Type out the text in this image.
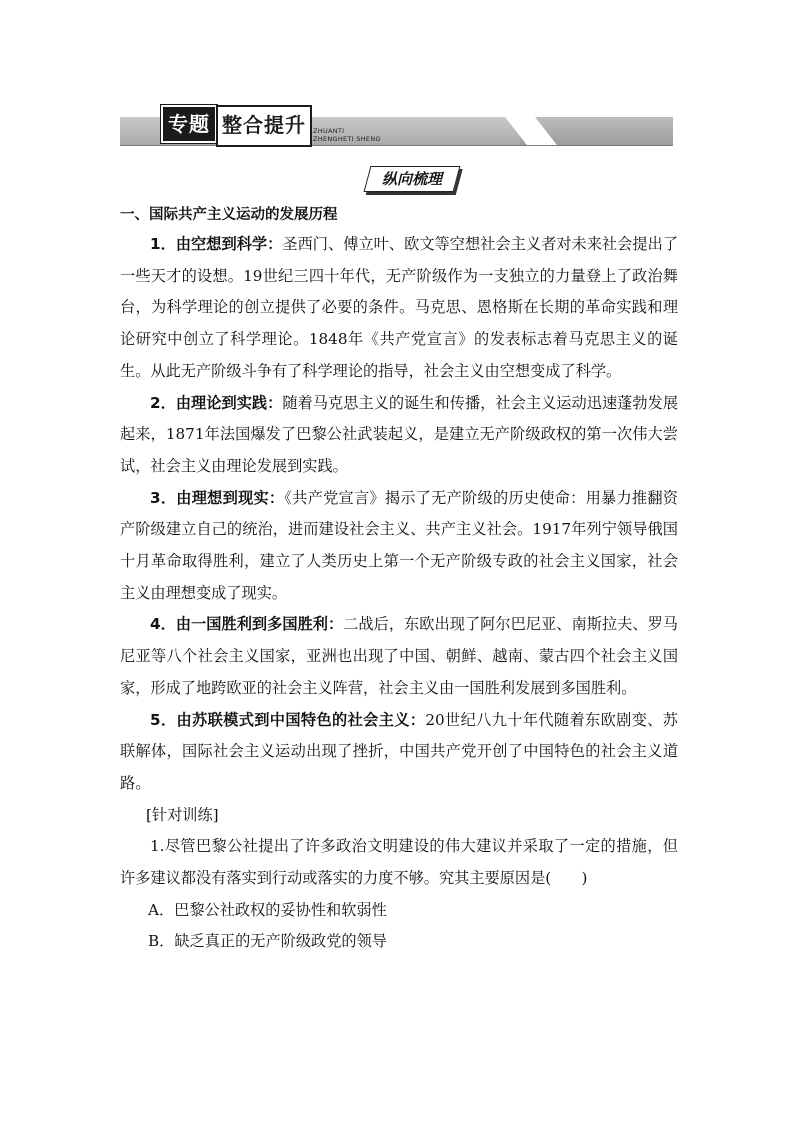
专题 整合提升	ZHUANTI
ZHENGHETI SHENG
纵向梳理

一、国际共产主义运动的发展历程

1．由空想到科学：圣西门、傅立叶、欧文等空想社会主义者对未来社会提出了一些天才的设想。19世纪三四十年代，无产阶级作为一支独立的力量登上了政治舞台，为科学理论的创立提供了必要的条件。马克思、恩格斯在长期的革命实践和理论研究中创立了科学理论。1848年《共产党宣言》的发表标志着马克思主义的诞生。从此无产阶级斗争有了科学理论的指导，社会主义由空想变成了科学。

2．由理论到实践：随着马克思主义的诞生和传播，社会主义运动迅速蓬勃发展起来，1871年法国爆发了巴黎公社武装起义，是建立无产阶级政权的第一次伟大尝试，社会主义由理论发展到实践。

3．由理想到现实：《共产党宣言》揭示了无产阶级的历史使命：用暴力推翻资产阶级建立自己的统治，进而建设社会主义、共产主义社会。1917年列宁领导俄国十月革命取得胜利，建立了人类历史上第一个无产阶级专政的社会主义国家，社会主义由理想变成了现实。

4．由一国胜利到多国胜利：二战后，东欧出现了阿尔巴尼亚、南斯拉夫、罗马尼亚等八个社会主义国家，亚洲也出现了中国、朝鲜、越南、蒙古四个社会主义国家，形成了地跨欧亚的社会主义阵营，社会主义由一国胜利发展到多国胜利。

5．由苏联模式到中国特色的社会主义：20世纪八九十年代随着东欧剧变、苏联解体，国际社会主义运动出现了挫折，中国共产党开创了中国特色的社会主义道路。

[针对训练]

1.尽管巴黎公社提出了许多政治文明建设的伟大建议并采取了一定的措施，但许多建议都没有落实到行动或落实的力度不够。究其主要原因是(　　)

A．巴黎公社政权的妥协性和软弱性

B．缺乏真正的无产阶级政党的领导
